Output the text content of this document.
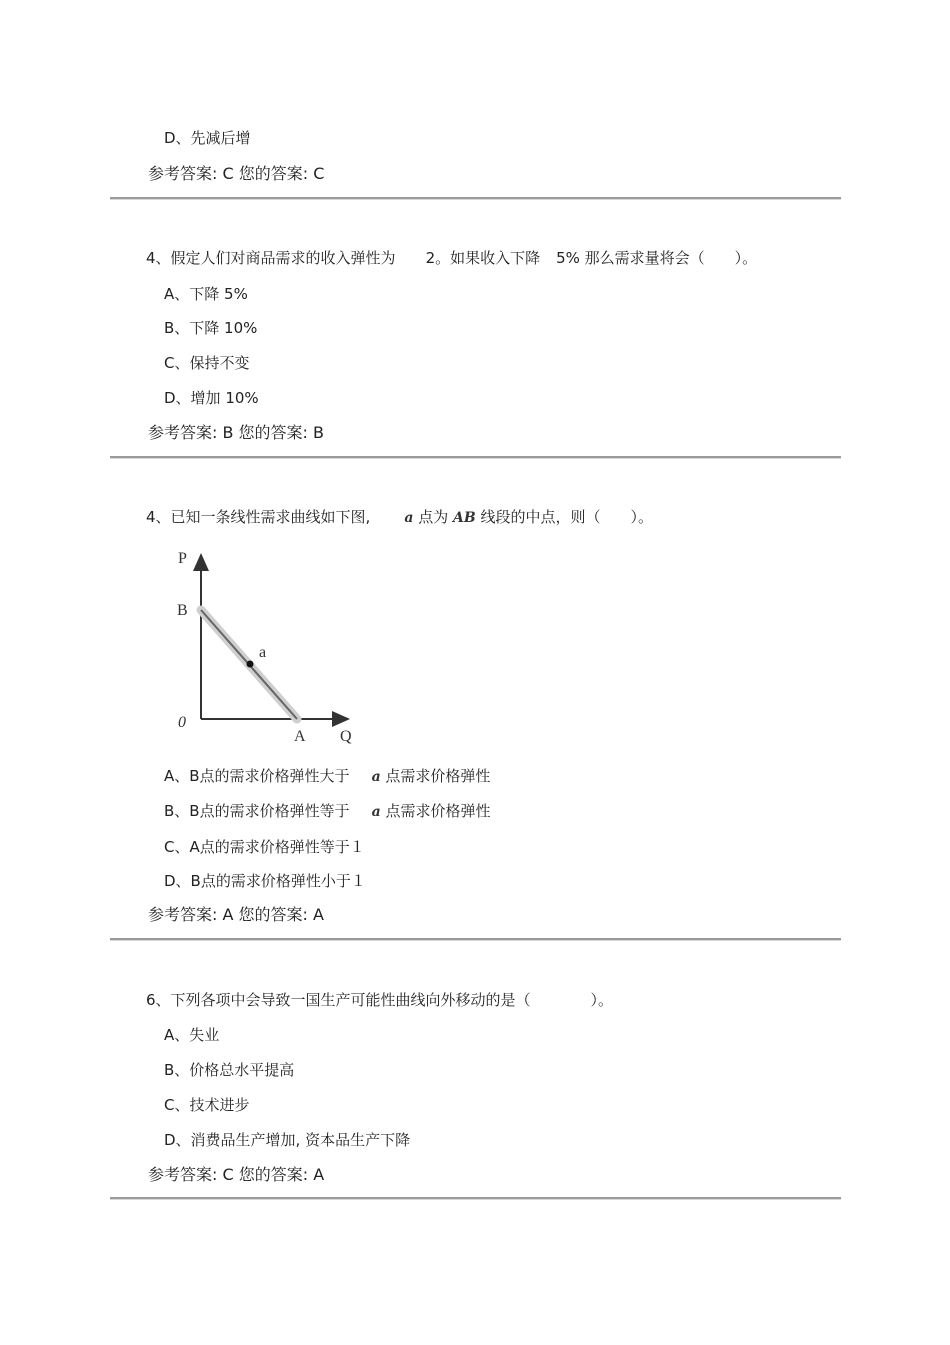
D、先减后增
参考答案: C 您的答案: C
4、假定人们对商品需求的收入弹性为 2。如果收入下降 5% 那么需求量将会（　　）。
A、下降 5%
B、下降 10%
C、保持不变
D、增加 10%
参考答案: B 您的答案: B
4、已知一条线性需求曲线如下图, a 点为 AB 线段的中点，则（　　）。
P
B
a
0
A Q
A、B点的需求价格弹性大于 a 点需求价格弹性
B、B点的需求价格弹性等于 a 点需求价格弹性
C、A点的需求价格弹性等于１
D、B点的需求价格弹性小于１
参考答案: A 您的答案: A
6、下列各项中会导致一国生产可能性曲线向外移动的是（　　　　）。
A、失业
B、价格总水平提高
C、技术进步
D、消费品生产增加, 资本品生产下降
参考答案: C 您的答案: A
